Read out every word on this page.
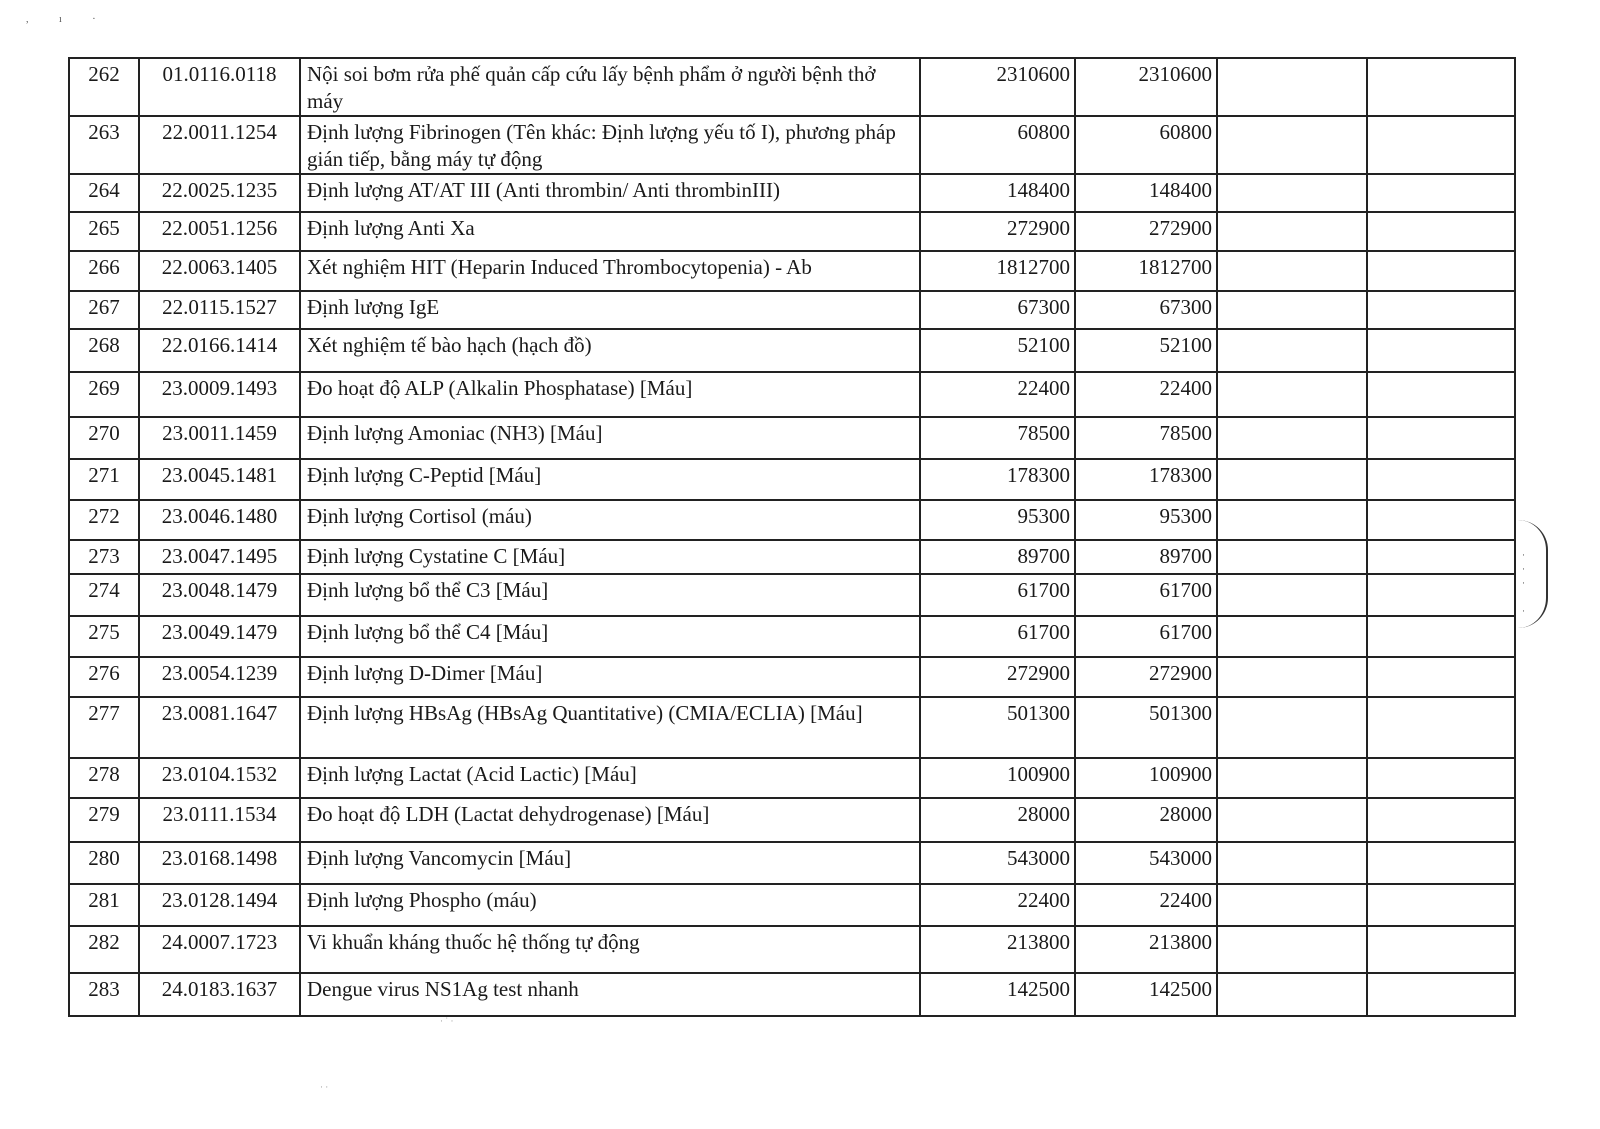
, ı ·
262	01.0116.0118	Nội soi bơm rửa phế quản cấp cứu lấy bệnh phẩm ở người bệnh thở máy	2310600	2310600		
263	22.0011.1254	Định lượng Fibrinogen (Tên khác: Định lượng yếu tố I), phương pháp gián tiếp, bằng máy tự động	60800	60800		
264	22.0025.1235	Định lượng AT/AT III (Anti thrombin/ Anti thrombinIII)	148400	148400		
265	22.0051.1256	Định lượng Anti Xa	272900	272900		
266	22.0063.1405	Xét nghiệm HIT (Heparin Induced Thrombocytopenia) - Ab	1812700	1812700		
267	22.0115.1527	Định lượng IgE	67300	67300		
268	22.0166.1414	Xét nghiệm tế bào hạch (hạch đồ)	52100	52100		
269	23.0009.1493	Đo hoạt độ ALP (Alkalin Phosphatase) [Máu]	22400	22400		
270	23.0011.1459	Định lượng Amoniac (NH3) [Máu]	78500	78500		
271	23.0045.1481	Định lượng C-Peptid [Máu]	178300	178300		
272	23.0046.1480	Định lượng Cortisol (máu)	95300	95300		
273	23.0047.1495	Định lượng Cystatine C [Máu]	89700	89700		
274	23.0048.1479	Định lượng bổ thể C3 [Máu]	61700	61700		
275	23.0049.1479	Định lượng bổ thể C4 [Máu]	61700	61700		
276	23.0054.1239	Định lượng D-Dimer [Máu]	272900	272900		
277	23.0081.1647	Định lượng HBsAg (HBsAg Quantitative) (CMIA/ECLIA) [Máu]	501300	501300		
278	23.0104.1532	Định lượng Lactat (Acid Lactic) [Máu]	100900	100900		
279	23.0111.1534	Đo hoạt độ LDH (Lactat dehydrogenase) [Máu]	28000	28000		
280	23.0168.1498	Định lượng Vancomycin [Máu]	543000	543000		
281	23.0128.1494	Định lượng Phospho (máu)	22400	22400		
282	24.0007.1723	Vi khuẩn kháng thuốc hệ thống tự động	213800	213800		
283	24.0183.1637	Dengue virus NS1Ag test nhanh	142500	142500		
·
·
·

·
· ˙ ·
· ·
